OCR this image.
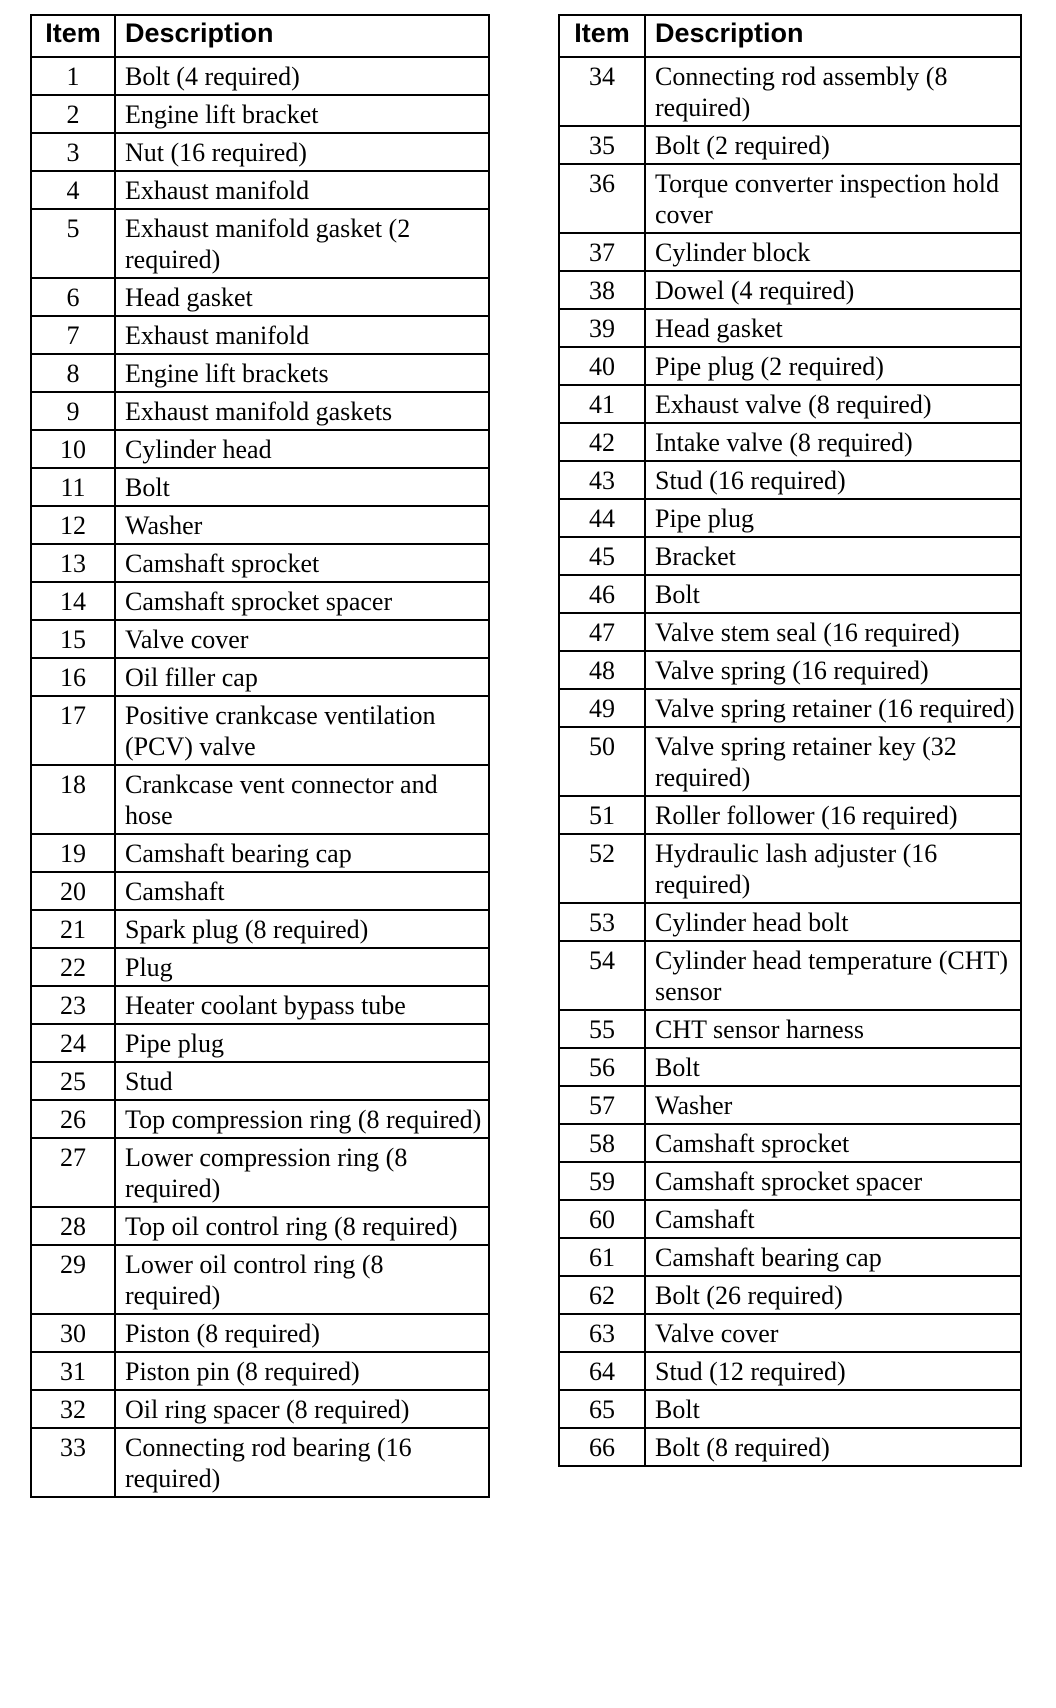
Item	Description
1	Bolt (4 required)
2	Engine lift bracket
3	Nut (16 required)
4	Exhaust manifold
5	Exhaust manifold gasket (2 required)
6	Head gasket
7	Exhaust manifold
8	Engine lift brackets
9	Exhaust manifold gaskets
10	Cylinder head
11	Bolt
12	Washer
13	Camshaft sprocket
14	Camshaft sprocket spacer
15	Valve cover
16	Oil filler cap
17	Positive crankcase ventilation (PCV) valve
18	Crankcase vent connector and hose
19	Camshaft bearing cap
20	Camshaft
21	Spark plug (8 required)
22	Plug
23	Heater coolant bypass tube
24	Pipe plug
25	Stud
26	Top compression ring (8 required)
27	Lower compression ring (8 required)
28	Top oil control ring (8 required)
29	Lower oil control ring (8 required)
30	Piston (8 required)
31	Piston pin (8 required)
32	Oil ring spacer (8 required)
33	Connecting rod bearing (16 required)
Item	Description
34	Connecting rod assembly (8 required)
35	Bolt (2 required)
36	Torque converter inspection hold cover
37	Cylinder block
38	Dowel (4 required)
39	Head gasket
40	Pipe plug (2 required)
41	Exhaust valve (8 required)
42	Intake valve (8 required)
43	Stud (16 required)
44	Pipe plug
45	Bracket
46	Bolt
47	Valve stem seal (16 required)
48	Valve spring (16 required)
49	Valve spring retainer (16 required)
50	Valve spring retainer key (32 required)
51	Roller follower (16 required)
52	Hydraulic lash adjuster (16 required)
53	Cylinder head bolt
54	Cylinder head temperature (CHT) sensor
55	CHT sensor harness
56	Bolt
57	Washer
58	Camshaft sprocket
59	Camshaft sprocket spacer
60	Camshaft
61	Camshaft bearing cap
62	Bolt (26 required)
63	Valve cover
64	Stud (12 required)
65	Bolt
66	Bolt (8 required)
